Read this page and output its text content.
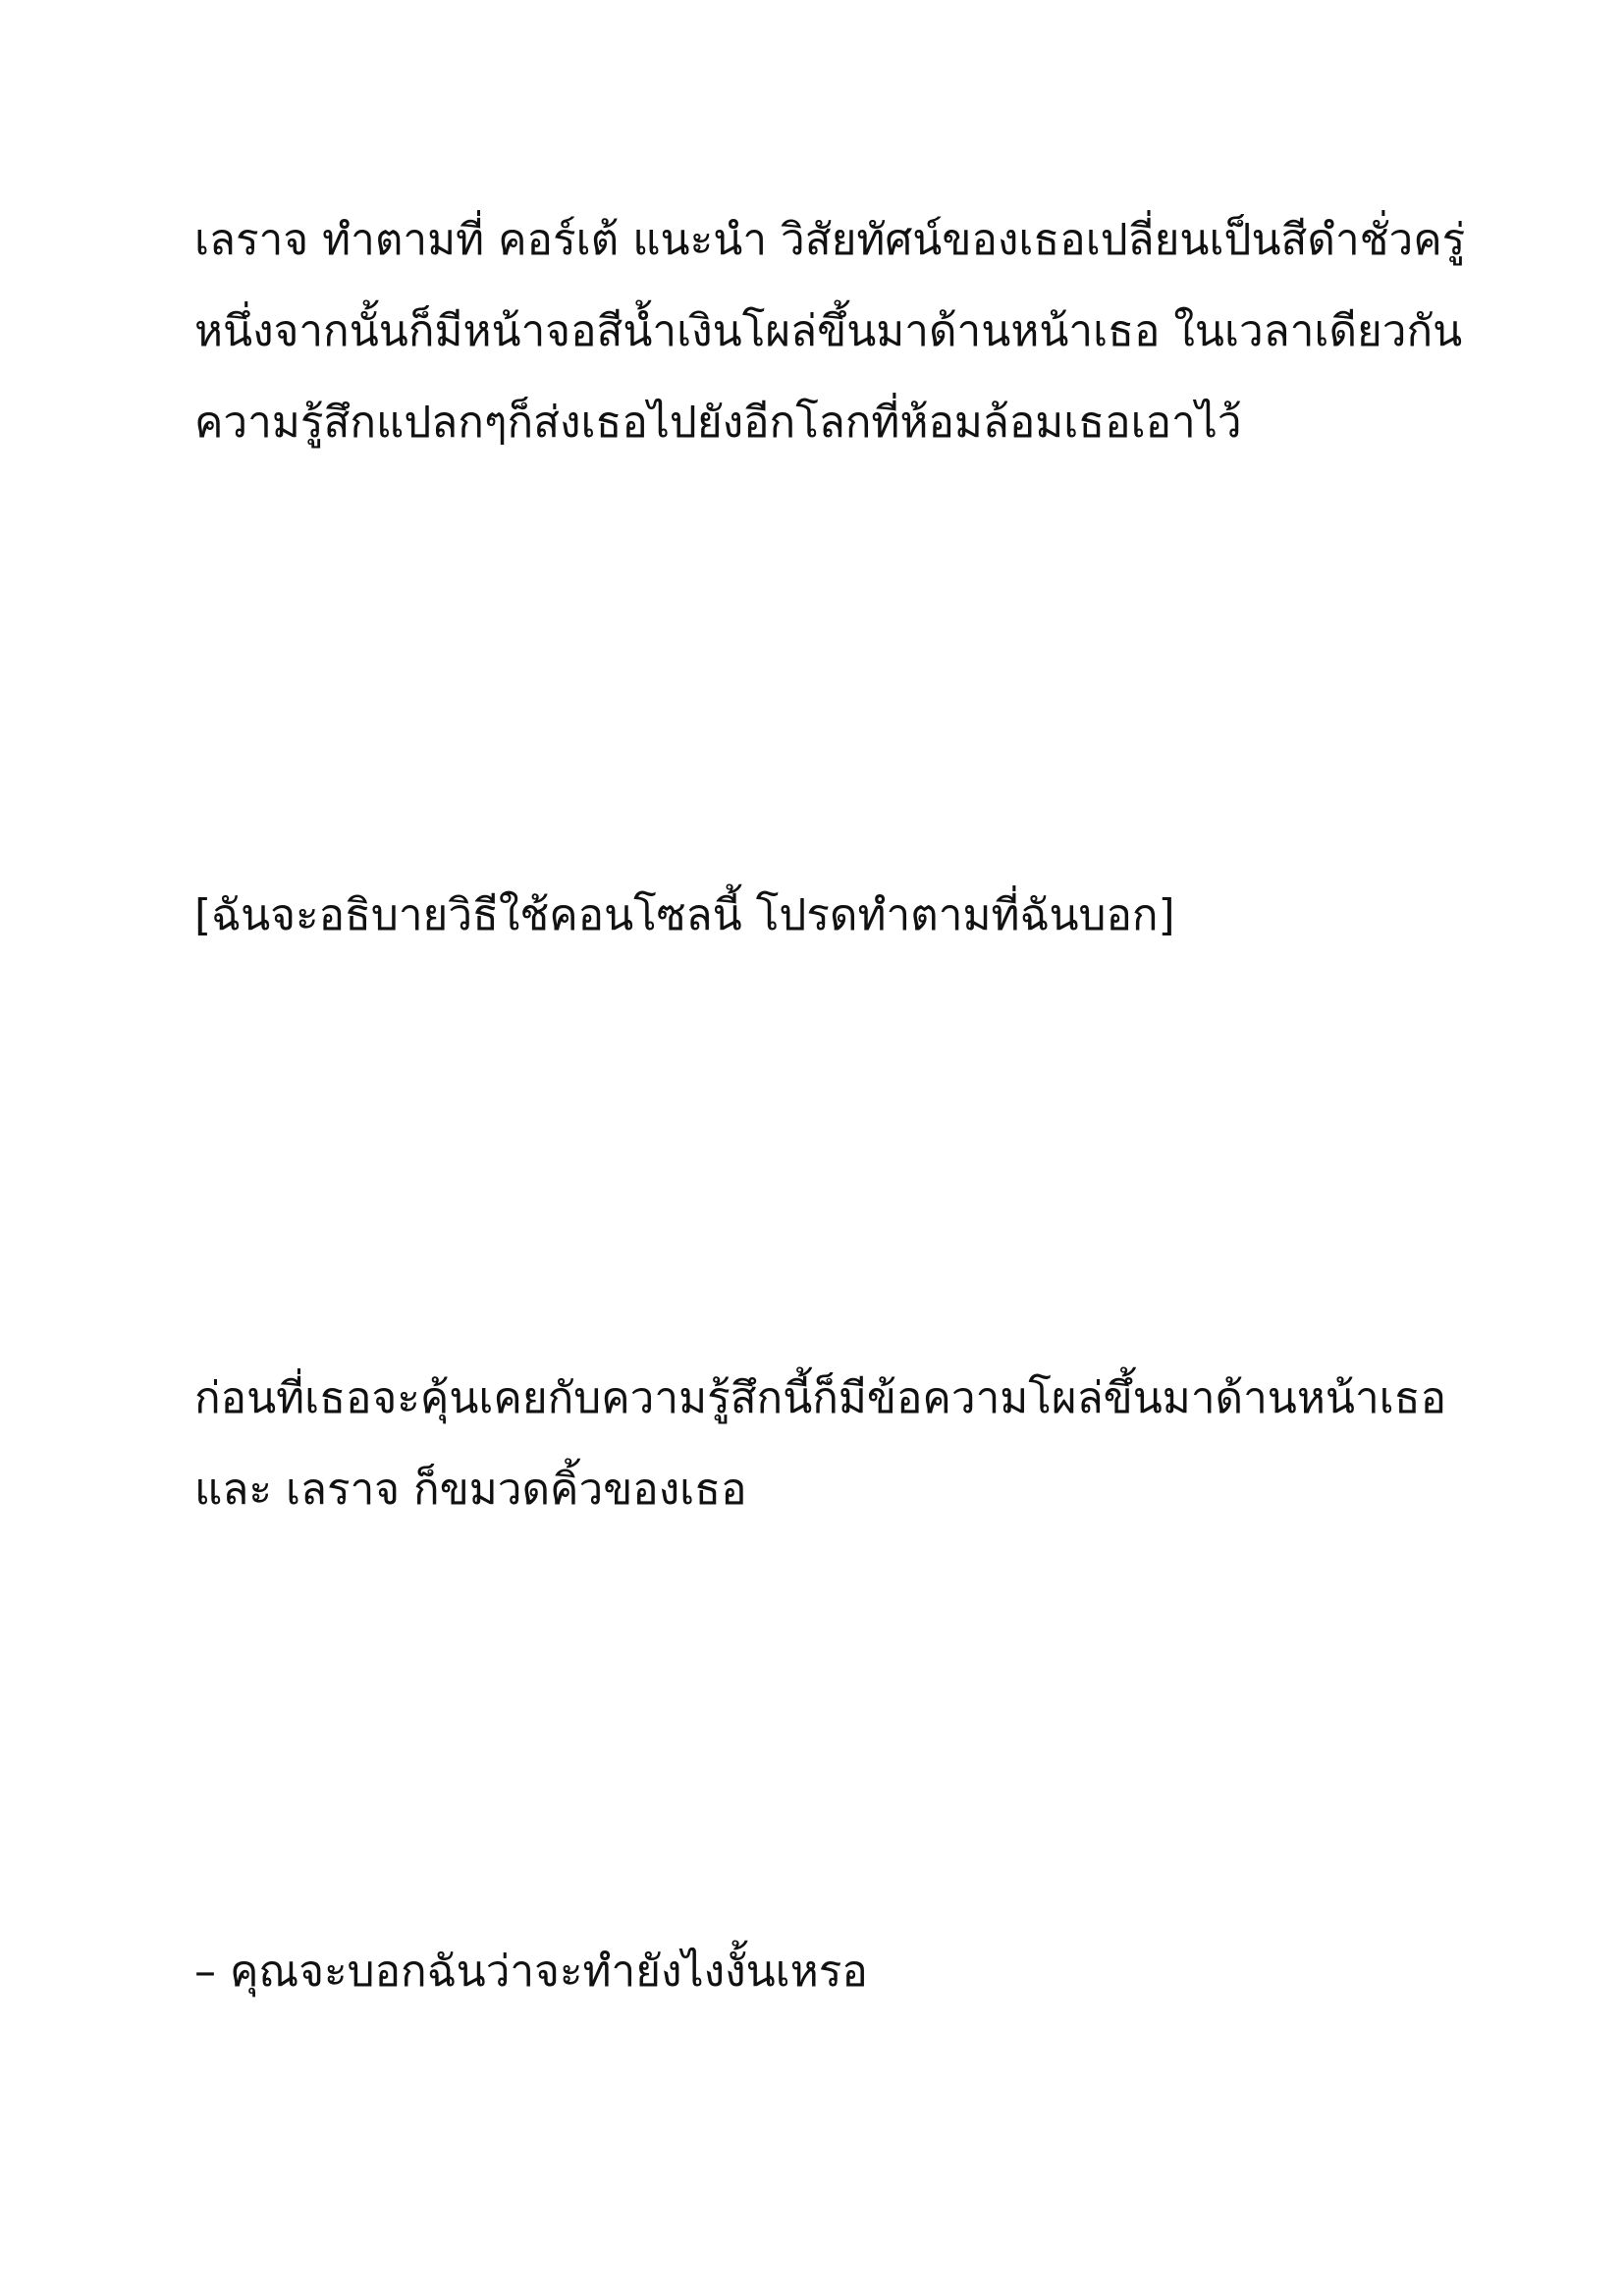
เลราจ ทำตามที่ คอร์เต้ แนะนำ วิสัยทัศน์ของเธอเปลี่ยนเป็นสีดำชั่วครู่
หนึ่งจากนั้นก็มีหน้าจอสีน้ำเงินโผล่ขึ้นมาด้านหน้าเธอ ในเวลาเดียวกัน
ความรู้สึกแปลกๆก็ส่งเธอไปยังอีกโลกที่ห้อมล้อมเธอเอาไว้
[ฉันจะอธิบายวิธีใช้คอนโซลนี้ โปรดทำตามที่ฉันบอก]
ก่อนที่เธอจะคุ้นเคยกับความรู้สึกนี้ก็มีข้อความโผล่ขึ้นมาด้านหน้าเธอ
และ เลราจ ก็ขมวดคิ้วของเธอ
– คุณจะบอกฉันว่าจะทำยังไงงั้นเหรอ
